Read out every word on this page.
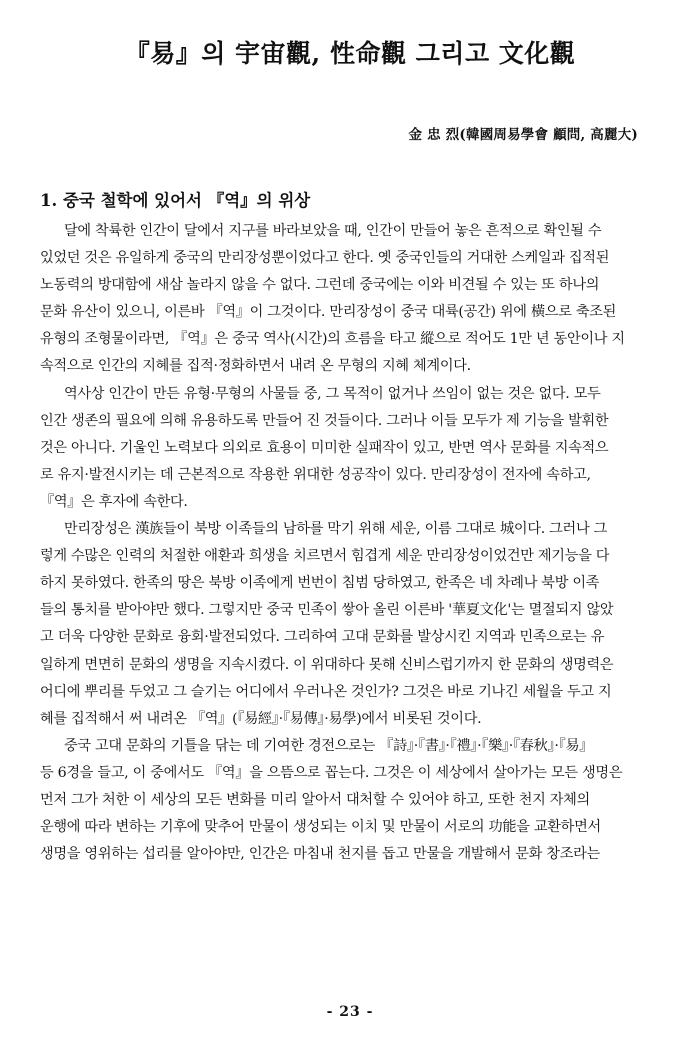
『易』의 宇宙觀, 性命觀 그리고 文化觀
金 忠 烈(韓國周易學會 顧問, 高麗大)
1. 중국 철학에 있어서 『역』의 위상
달에 착륙한 인간이 달에서 지구를 바라보았을 때, 인간이 만들어 놓은 흔적으로 확인될 수
있었던 것은 유일하게 중국의 만리장성뿐이었다고 한다. 옛 중국인들의 거대한 스케일과 집적된
노동력의 방대함에 새삼 놀라지 않을 수 없다. 그런데 중국에는 이와 비견될 수 있는 또 하나의
문화 유산이 있으니, 이른바 『역』이 그것이다. 만리장성이 중국 대륙(공간) 위에 橫으로 축조된
유형의 조형물이라면, 『역』은 중국 역사(시간)의 흐름을 타고 縱으로 적어도 1만 년 동안이나 지
속적으로 인간의 지혜를 집적·정화하면서 내려 온 무형의 지혜 체계이다.
역사상 인간이 만든 유형·무형의 사물들 중, 그 목적이 없거나 쓰임이 없는 것은 없다. 모두
인간 생존의 필요에 의해 유용하도록 만들어 진 것들이다. 그러나 이들 모두가 제 기능을 발휘한
것은 아니다. 기울인 노력보다 의외로 효용이 미미한 실패작이 있고, 반면 역사 문화를 지속적으
로 유지·발전시키는 데 근본적으로 작용한 위대한 성공작이 있다. 만리장성이 전자에 속하고,
『역』은 후자에 속한다.
만리장성은 漢族들이 북방 이족들의 남하를 막기 위해 세운, 이름 그대로 城이다. 그러나 그
렇게 수많은 인력의 처절한 애환과 희생을 치르면서 힘겹게 세운 만리장성이었건만 제기능을 다
하지 못하였다. 한족의 땅은 북방 이족에게 번번이 침범 당하였고, 한족은 네 차례나 북방 이족
들의 통치를 받아야만 했다. 그렇지만 중국 민족이 쌓아 올린 이른바 '華夏文化'는 멸절되지 않았
고 더욱 다양한 문화로 융회·발전되었다. 그리하여 고대 문화를 발상시킨 지역과 민족으로는 유
일하게 면면히 문화의 생명을 지속시켰다. 이 위대하다 못해 신비스럽기까지 한 문화의 생명력은
어디에 뿌리를 두었고 그 슬기는 어디에서 우러나온 것인가? 그것은 바로 기나긴 세월을 두고 지
혜를 집적해서 써 내려온 『역』(『易經』·『易傳』·易學)에서 비롯된 것이다.
중국 고대 문화의 기틀을 닦는 데 기여한 경전으로는 『詩』·『書』·『禮』·『樂』·『春秋』·『易』
등 6경을 들고, 이 중에서도 『역』을 으뜸으로 꼽는다. 그것은 이 세상에서 살아가는 모든 생명은
먼저 그가 처한 이 세상의 모든 변화를 미리 알아서 대처할 수 있어야 하고, 또한 천지 자체의
운행에 따라 변하는 기후에 맞추어 만물이 생성되는 이치 및 만물이 서로의 功能을 교환하면서
생명을 영위하는 섭리를 알아야만, 인간은 마침내 천지를 돕고 만물을 개발해서 문화 창조라는
- 23 -
